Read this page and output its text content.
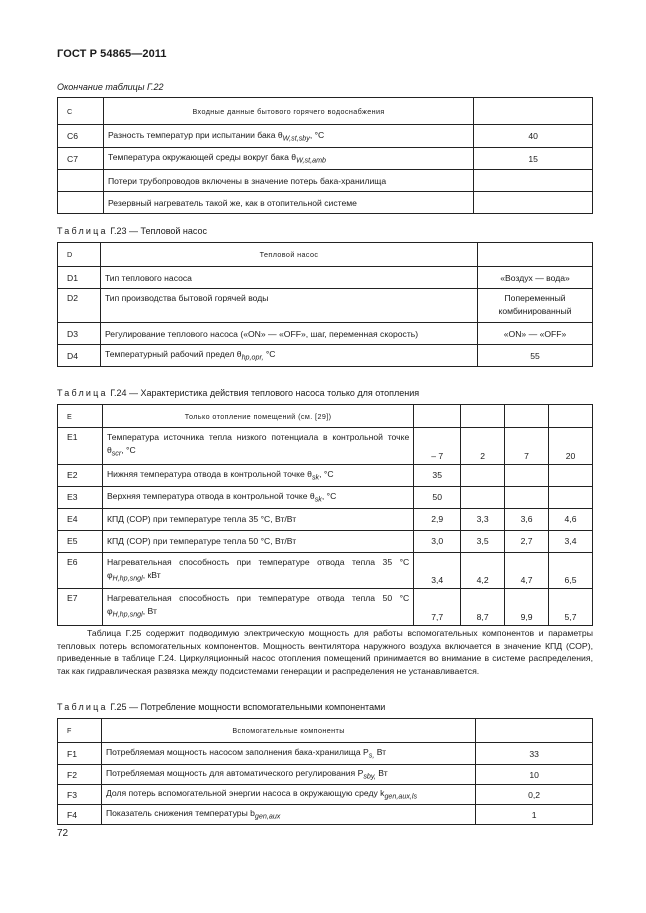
ГОСТ Р 54865—2011
Окончание таблицы Г.22
С	Входные данные бытового горячего водоснабжения	
С6	Разность температур при испытании бака $\theta_{W,st,sby}$, °С	40
С7	Температура окружающей среды вокруг бака $\theta_{W,st,amb}$	15
	Потери трубопроводов включены в значение потерь бака-хранилища	
	Резервный нагреватель такой же, как в отопительной системе	
Таблица Г.23 — Тепловой насос
D	Тепловой насос	
D1	Тип теплового насоса	«Воздух — вода»
D2	Тип производства бытовой горячей воды	Попеременный комбинированный
D3	Регулирование теплового насоса («ON» — «OFF», шаг, переменная скорость)	«ON» — «OFF»
D4	Температурный рабочий предел $\theta_{hp,opr,}$ °С	55
Таблица Г.24 — Характеристика действия теплового насоса только для отопления
Е	Только отопление помещений (см. [29])				
Е1	Температура источника тепла низкого потенциала в контрольной точке $\theta_{scr}$, °С	– 7	2	7	20
Е2	Нижняя температура отвода в контрольной точке $\theta_{sk}$, °С	35			
Е3	Верхняя температура отвода в контрольной точке $\theta_{sk}$, °С	50			
Е4	КПД (COP) при температуре тепла 35 °С, Вт/Вт	2,9	3,3	3,6	4,6
Е5	КПД (COP) при температуре тепла 50 °С, Вт/Вт	3,0	3,5	2,7	3,4
Е6	Нагревательная способность при температуре отвода тепла 35 °С $\varphi_{H,hp,sngl}$, кВт	3,4	4,2	4,7	6,5
Е7	Нагревательная способность при температуре отвода тепла 50 °С $\varphi_{H,hp,sngl}$, Вт	7,7	8,7	9,9	5,7
Таблица Г.25 содержит подводимую электрическую мощность для работы вспомогательных компонентов и параметры тепловых потерь вспомогательных компонентов. Мощность вентилятора наружного воздуха включается в значение КПД (COP), приведенные в таблице Г.24. Циркуляционный насос отопления помещений принимается во внимание в системе распределения, так как гидравлическая развязка между подсистемами генерации и распределения не устанавливается.
Таблица Г.25 — Потребление мощности вспомогательными компонентами
F	Вспомогательные компоненты	
F1	Потребляемая мощность насосом заполнения бака-хранилища $P_{s,}$ Вт	33
F2	Потребляемая мощность для автоматического регулирования $P_{sby,}$ Вт	10
F3	Доля потерь вспомогательной энергии насоса в окружающую среду $k_{gen,aux,ls}$	0,2
F4	Показатель снижения температуры $b_{gen,aux}$	1
72
